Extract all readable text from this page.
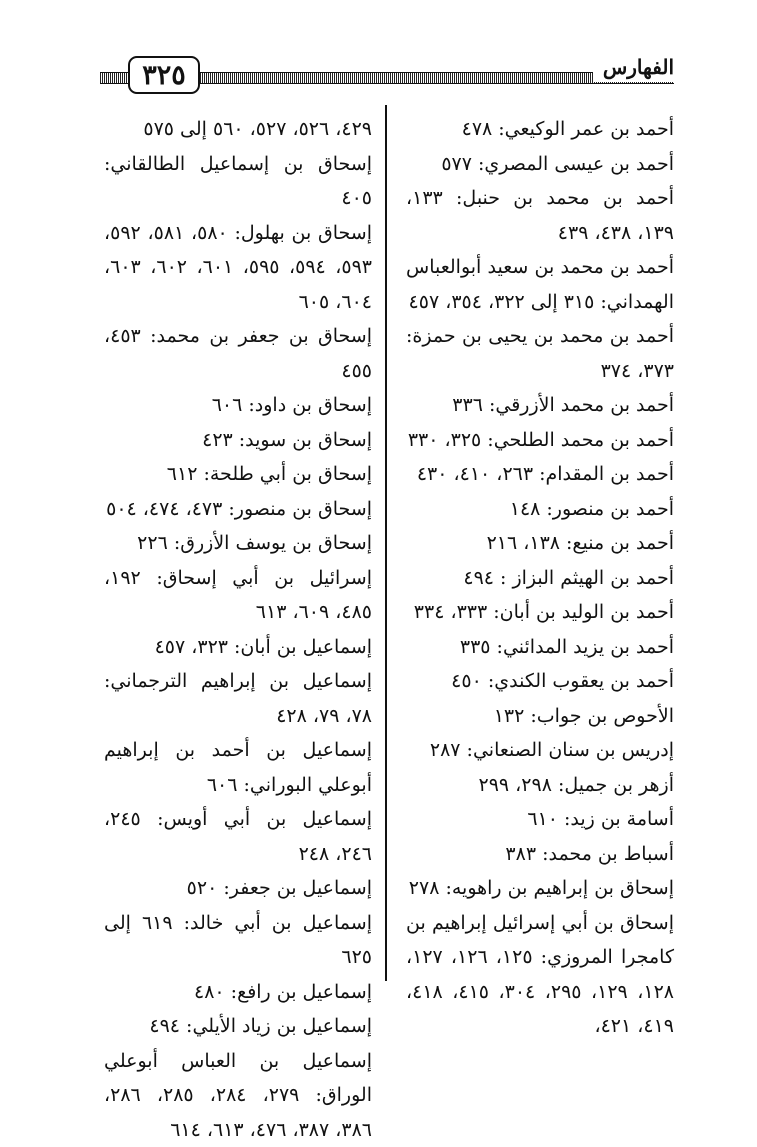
٣٢٥	الفهارس

أحمد بن عمر الوكيعي: ٤٧٨

أحمد بن عيسى المصري: ٥٧٧

أحمد بن محمد بن حنبل: ١٣٣، ١٣٩، ٤٣٨، ٤٣٩

أحمد بن محمد بن سعيد أبوالعباس الهمداني: ٣١٥ إلى ٣٢٢، ٣٥٤، ٤٥٧

أحمد بن محمد بن يحيى بن حمزة: ٣٧٣، ٣٧٤

أحمد بن محمد الأزرقي: ٣٣٦

أحمد بن محمد الطلحي: ٣٢٥، ٣٣٠

أحمد بن المقدام: ٢٦٣، ٤١٠، ٤٣٠

أحمد بن منصور: ١٤٨

أحمد بن منيع: ١٣٨، ٢١٦

أحمد بن الهيثم البزاز : ٤٩٤

أحمد بن الوليد بن أبان: ٣٣٣، ٣٣٤

أحمد بن يزيد المدائني: ٣٣٥

أحمد بن يعقوب الكندي: ٤٥٠

الأحوص بن جواب: ١٣٢

إدريس بن سنان الصنعاني: ٢٨٧

أزهر بن جميل: ٢٩٨، ٢٩٩

أسامة بن زيد: ٦١٠

أسباط بن محمد: ٣٨٣

إسحاق بن إبراهيم بن راهويه: ٢٧٨

إسحاق بن أبي إسرائيل إبراهيم بن كامجرا المروزي: ١٢٥، ١٢٦، ١٢٧، ١٢٨، ١٢٩، ٢٩٥، ٣٠٤، ٤١٥، ٤١٨، ٤١٩، ٤٢١،

٤٢٩، ٥٢٦، ٥٢٧، ٥٦٠ إلى ٥٧٥

إسحاق بن إسماعيل الطالقاني: ٤٠٥

إسحاق بن بهلول: ٥٨٠، ٥٨١، ٥٩٢، ٥٩٣، ٥٩٤، ٥٩٥، ٦٠١، ٦٠٢، ٦٠٣، ٦٠٤، ٦٠٥

إسحاق بن جعفر بن محمد: ٤٥٣، ٤٥٥

إسحاق بن داود: ٦٠٦

إسحاق بن سويد: ٤٢٣

إسحاق بن أبي طلحة: ٦١٢

إسحاق بن منصور: ٤٧٣، ٤٧٤، ٥٠٤

إسحاق بن يوسف الأزرق: ٢٢٦

إسرائيل بن أبي إسحاق: ١٩٢، ٤٨٥، ٦٠٩، ٦١٣

إسماعيل بن أبان: ٣٢٣، ٤٥٧

إسماعيل بن إبراهيم الترجماني: ٧٨، ٧٩، ٤٢٨

إسماعيل بن أحمد بن إبراهيم أبوعلي البوراني: ٦٠٦

إسماعيل بن أبي أويس: ٢٤٥، ٢٤٦، ٢٤٨

إسماعيل بن جعفر: ٥٢٠

إسماعيل بن أبي خالد: ٦١٩ إلى ٦٢٥

إسماعيل بن رافع: ٤٨٠

إسماعيل بن زياد الأيلي: ٤٩٤

إسماعيل بن العباس أبوعلي الوراق: ٢٧٩، ٢٨٤، ٢٨٥، ٢٨٦، ٣٨٦، ٣٨٧، ٤٧٦، ٦١٣، ٦١٤
